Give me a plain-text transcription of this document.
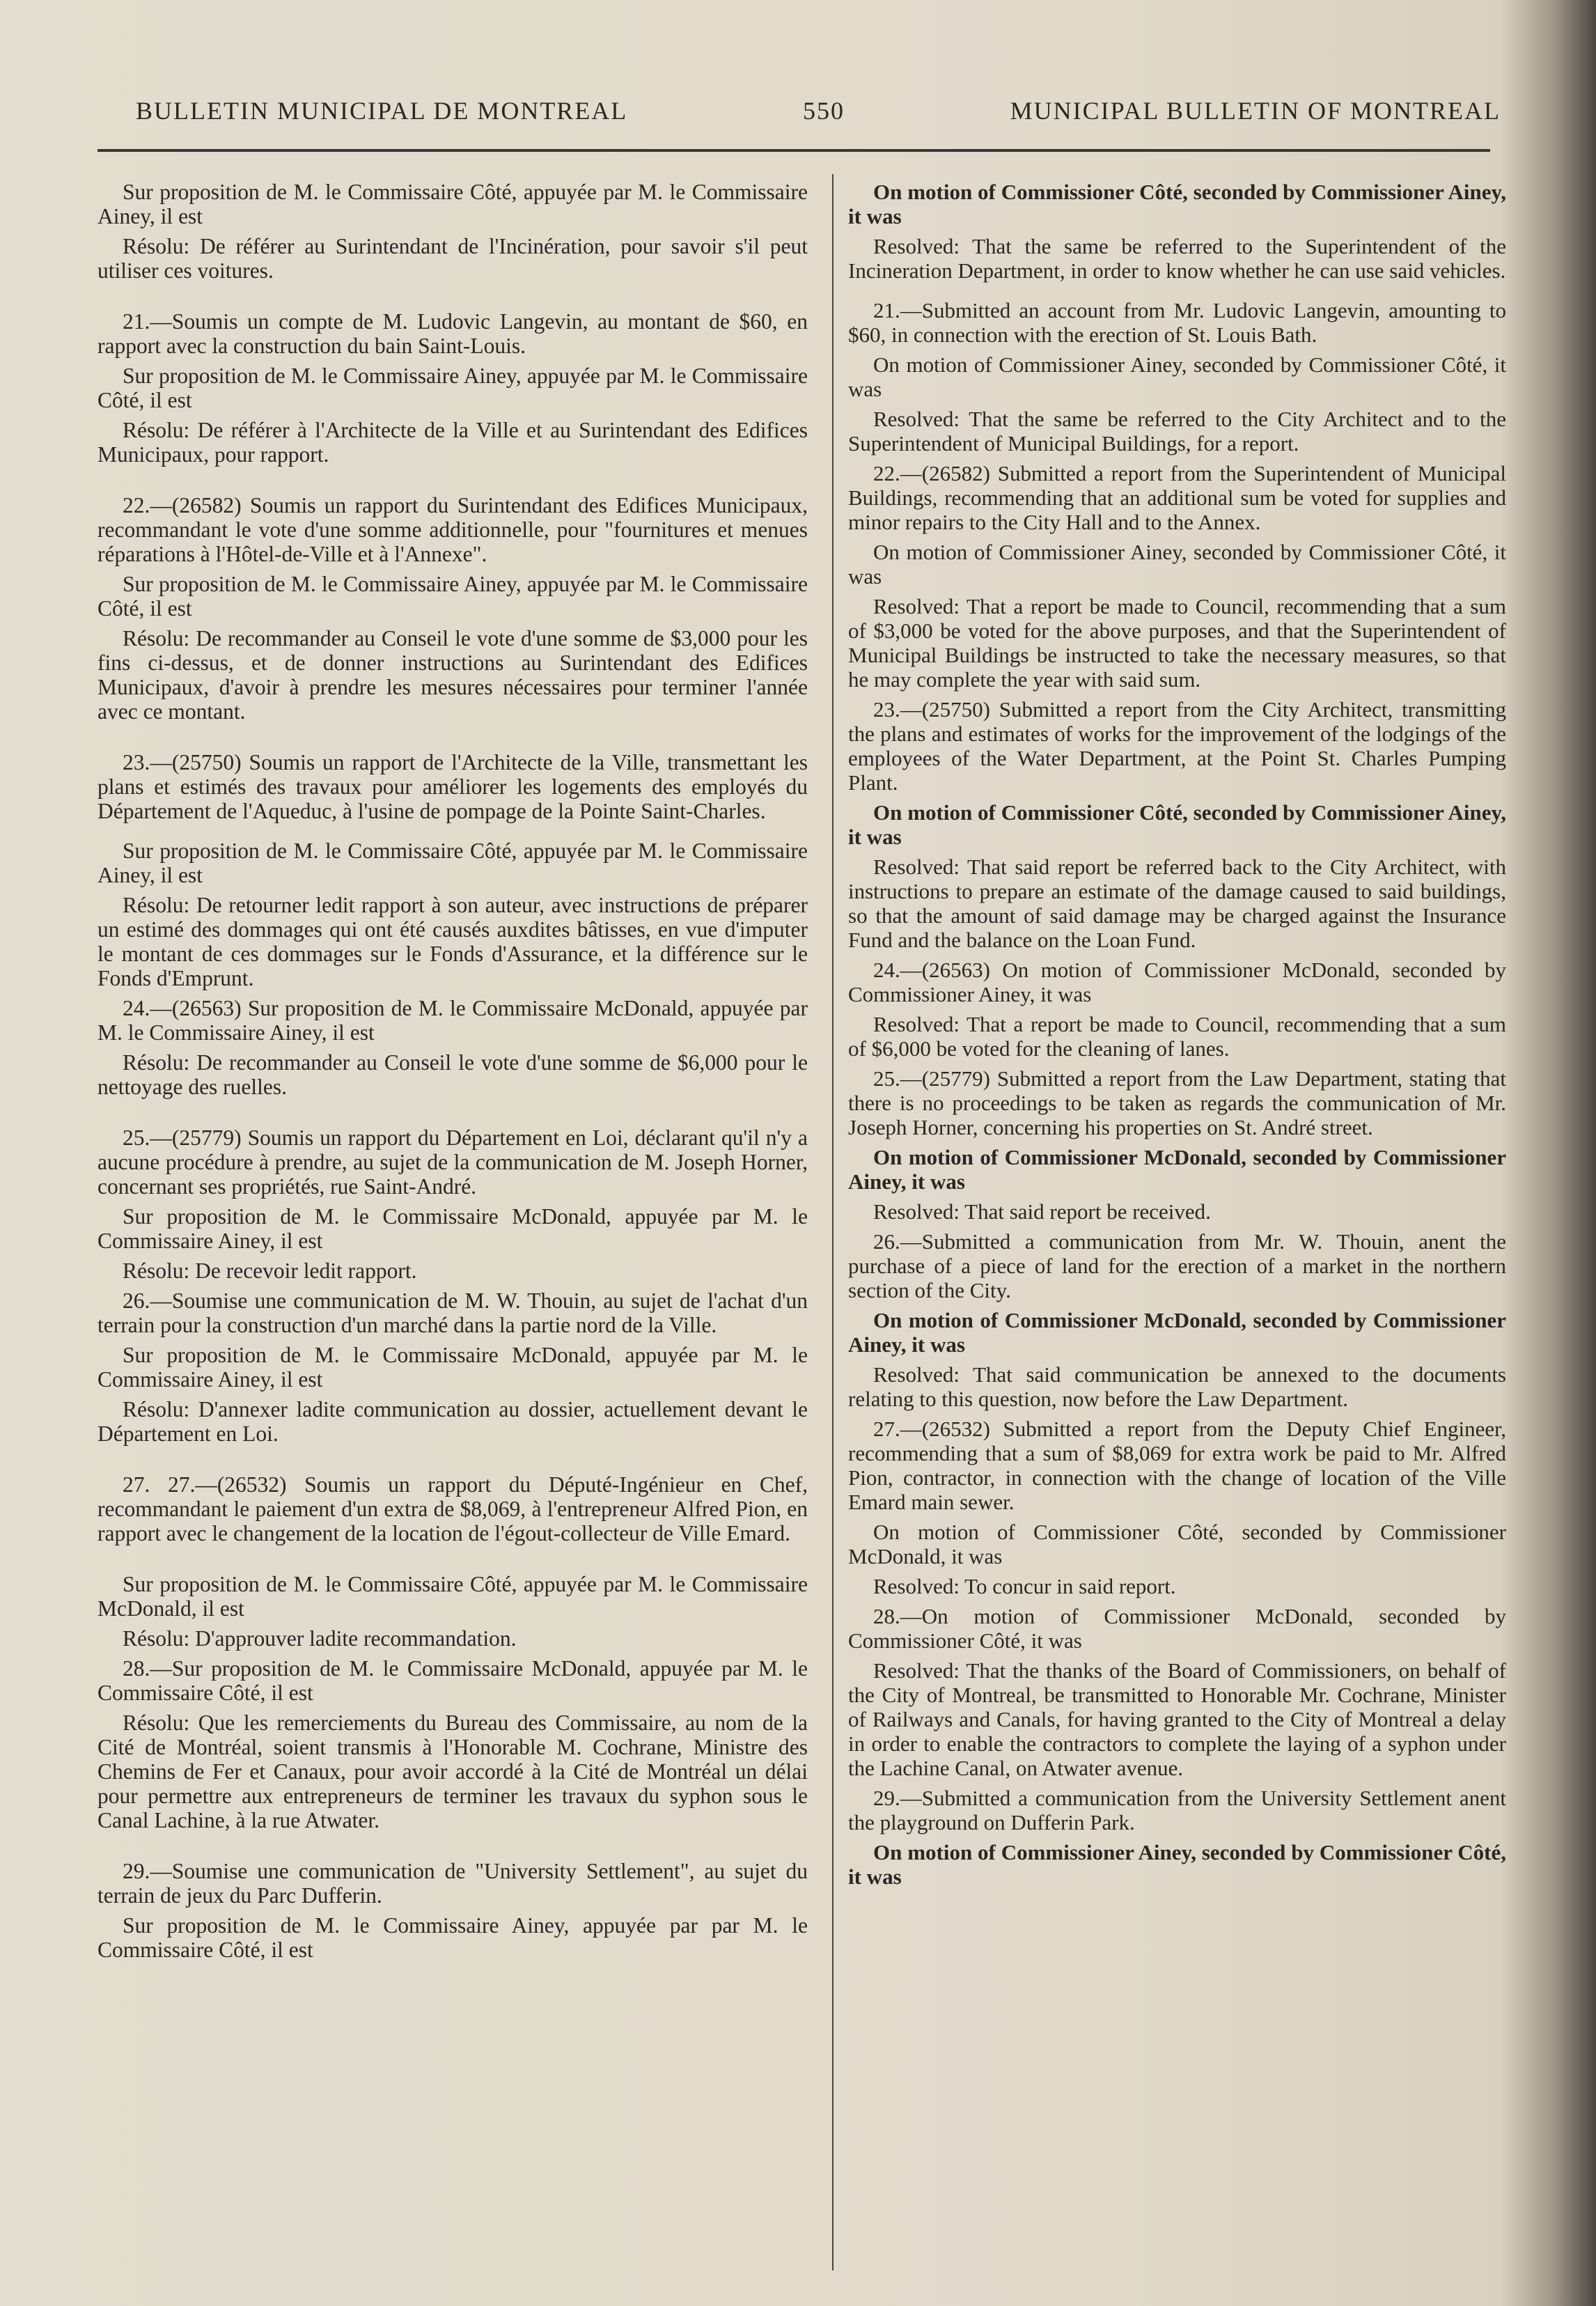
BULLETIN MUNICIPAL DE MONTREAL	550	MUNICIPAL BULLETIN OF MONTREAL

Sur proposition de M. le Commissaire Côté, appuyée par M. le Commissaire Ainey, il est

Résolu: De référer au Surintendant de l'Incinération, pour savoir s'il peut utiliser ces voitures.

21.—Soumis un compte de M. Ludovic Langevin, au montant de $60, en rapport avec la construction du bain Saint-Louis.

Sur proposition de M. le Commissaire Ainey, appuyée par M. le Commissaire Côté, il est

Résolu: De référer à l'Architecte de la Ville et au Surintendant des Edifices Municipaux, pour rapport.

22.—(26582) Soumis un rapport du Surintendant des Edifices Municipaux, recommandant le vote d'une somme additionnelle, pour "fournitures et menues réparations à l'Hôtel-de-Ville et à l'Annexe".

Sur proposition de M. le Commissaire Ainey, appuyée par M. le Commissaire Côté, il est

Résolu: De recommander au Conseil le vote d'une somme de $3,000 pour les fins ci-dessus, et de donner instructions au Surintendant des Edifices Municipaux, d'avoir à prendre les mesures nécessaires pour terminer l'année avec ce montant.

23.—(25750) Soumis un rapport de l'Architecte de la Ville, transmettant les plans et estimés des travaux pour améliorer les logements des employés du Département de l'Aqueduc, à l'usine de pompage de la Pointe Saint-Charles.

Sur proposition de M. le Commissaire Côté, appuyée par M. le Commissaire Ainey, il est

Résolu: De retourner ledit rapport à son auteur, avec instructions de préparer un estimé des dommages qui ont été causés auxdites bâtisses, en vue d'imputer le montant de ces dommages sur le Fonds d'Assurance, et la différence sur le Fonds d'Emprunt.

24.—(26563) Sur proposition de M. le Commissaire McDonald, appuyée par M. le Commissaire Ainey, il est

Résolu: De recommander au Conseil le vote d'une somme de $6,000 pour le nettoyage des ruelles.

25.—(25779) Soumis un rapport du Département en Loi, déclarant qu'il n'y a aucune procédure à prendre, au sujet de la communication de M. Joseph Horner, concernant ses propriétés, rue Saint-André.

Sur proposition de M. le Commissaire McDonald, appuyée par M. le Commissaire Ainey, il est

Résolu: De recevoir ledit rapport.

26.—Soumise une communication de M. W. Thouin, au sujet de l'achat d'un terrain pour la construction d'un marché dans la partie nord de la Ville.

Sur proposition de M. le Commissaire McDonald, appuyée par M. le Commissaire Ainey, il est

Résolu: D'annexer ladite communication au dossier, actuellement devant le Département en Loi.

27. 27.—(26532) Soumis un rapport du Député-Ingénieur en Chef, recommandant le paiement d'un extra de $8,069, à l'entrepreneur Alfred Pion, en rapport avec le changement de la location de l'égout-collecteur de Ville Emard.

Sur proposition de M. le Commissaire Côté, appuyée par M. le Commissaire McDonald, il est

Résolu: D'approuver ladite recommandation.

28.—Sur proposition de M. le Commissaire McDonald, appuyée par M. le Commissaire Côté, il est

Résolu: Que les remerciements du Bureau des Commissaire, au nom de la Cité de Montréal, soient transmis à l'Honorable M. Cochrane, Ministre des Chemins de Fer et Canaux, pour avoir accordé à la Cité de Montréal un délai pour permettre aux entrepreneurs de terminer les travaux du syphon sous le Canal Lachine, à la rue Atwater.

29.—Soumise une communication de "University Settlement", au sujet du terrain de jeux du Parc Dufferin.

Sur proposition de M. le Commissaire Ainey, appuyée par par M. le Commissaire Côté, il est

On motion of Commissioner Côté, seconded by Commissioner Ainey, it was

Resolved: That the same be referred to the Superintendent of the Incineration Department, in order to know whether he can use said vehicles.

21.—Submitted an account from Mr. Ludovic Langevin, amounting to $60, in connection with the erection of St. Louis Bath.

On motion of Commissioner Ainey, seconded by Commissioner Côté, it was

Resolved: That the same be referred to the City Architect and to the Superintendent of Municipal Buildings, for a report.

22.—(26582) Submitted a report from the Superintendent of Municipal Buildings, recommending that an additional sum be voted for supplies and minor repairs to the City Hall and to the Annex.

On motion of Commissioner Ainey, seconded by Commissioner Côté, it was

Resolved: That a report be made to Council, recommending that a sum of $3,000 be voted for the above purposes, and that the Superintendent of Municipal Buildings be instructed to take the necessary measures, so that he may complete the year with said sum.

23.—(25750) Submitted a report from the City Architect, transmitting the plans and estimates of works for the improvement of the lodgings of the employees of the Water Department, at the Point St. Charles Pumping Plant.

On motion of Commissioner Côté, seconded by Commissioner Ainey, it was

Resolved: That said report be referred back to the City Architect, with instructions to prepare an estimate of the damage caused to said buildings, so that the amount of said damage may be charged against the Insurance Fund and the balance on the Loan Fund.

24.—(26563) On motion of Commissioner McDonald, seconded by Commissioner Ainey, it was

Resolved: That a report be made to Council, recommending that a sum of $6,000 be voted for the cleaning of lanes.

25.—(25779) Submitted a report from the Law Department, stating that there is no proceedings to be taken as regards the communication of Mr. Joseph Horner, concerning his properties on St. André street.

On motion of Commissioner McDonald, seconded by Commissioner Ainey, it was

Resolved: That said report be received.

26.—Submitted a communication from Mr. W. Thouin, anent the purchase of a piece of land for the erection of a market in the northern section of the City.

On motion of Commissioner McDonald, seconded by Commissioner Ainey, it was

Resolved: That said communication be annexed to the documents relating to this question, now before the Law Department.

27.—(26532) Submitted a report from the Deputy Chief Engineer, recommending that a sum of $8,069 for extra work be paid to Mr. Alfred Pion, contractor, in connection with the change of location of the Ville Emard main sewer.

On motion of Commissioner Côté, seconded by Commissioner McDonald, it was

Resolved: To concur in said report.

28.—On motion of Commissioner McDonald, seconded by Commissioner Côté, it was

Resolved: That the thanks of the Board of Commissioners, on behalf of the City of Montreal, be transmitted to Honorable Mr. Cochrane, Minister of Railways and Canals, for having granted to the City of Montreal a delay in order to enable the contractors to complete the laying of a syphon under the Lachine Canal, on Atwater avenue.

29.—Submitted a communication from the University Settlement anent the playground on Dufferin Park.

On motion of Commissioner Ainey, seconded by Commissioner Côté, it was
